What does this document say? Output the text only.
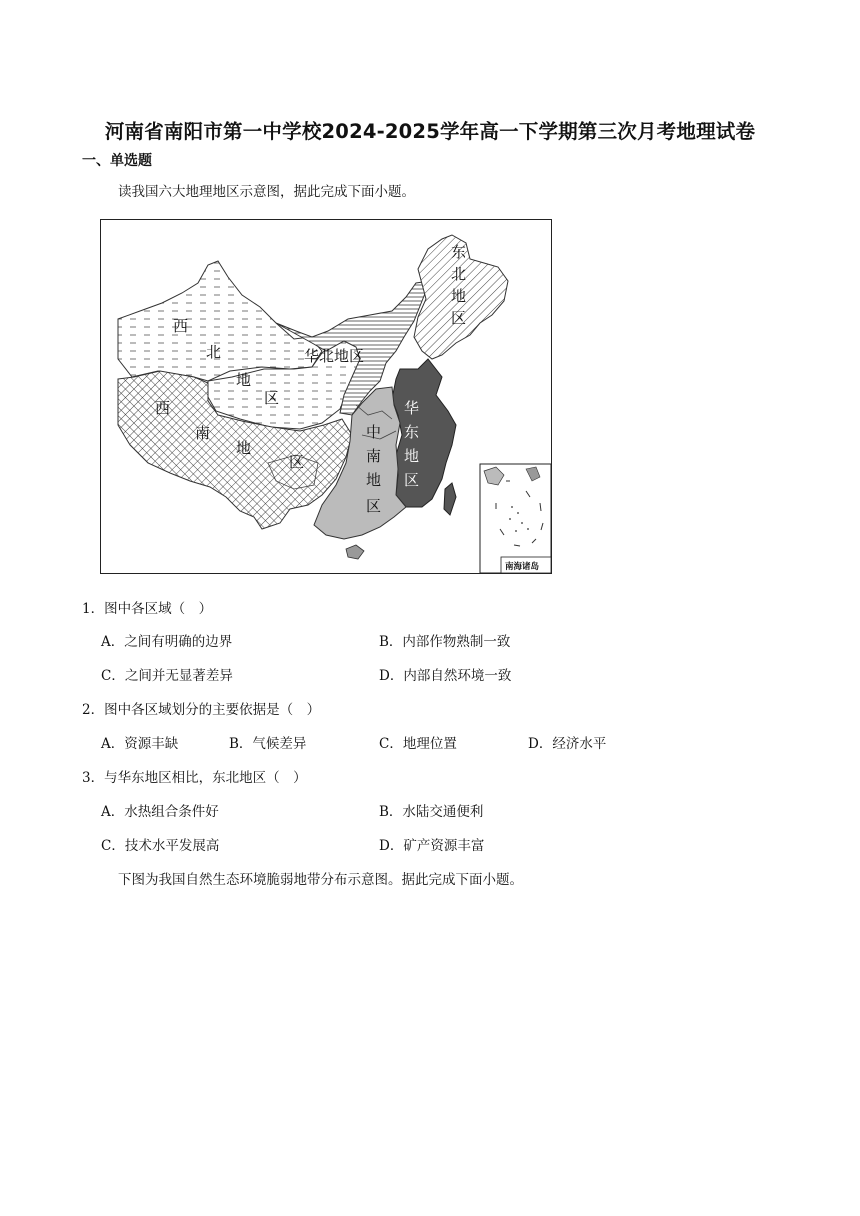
河南省南阳市第一中学校2024-2025学年高一下学期第三次月考地理试卷
一、单选题
读我国六大地理地区示意图，据此完成下面小题。
西
北
地
区
华北地区
东
北
地
区
华
东
地
区
中
南
地
区
西
南
地
区
南海诸岛
1．图中各区域（　）
A．之间有明确的边界	B．内部作物熟制一致
C．之间并无显著差异	D．内部自然环境一致
2．图中各区域划分的主要依据是（　）
A．资源丰缺	B．气候差异	C．地理位置	D．经济水平
3．与华东地区相比，东北地区（　）
A．水热组合条件好	B．水陆交通便利
C．技术水平发展高	D．矿产资源丰富
下图为我国自然生态环境脆弱地带分布示意图。据此完成下面小题。
